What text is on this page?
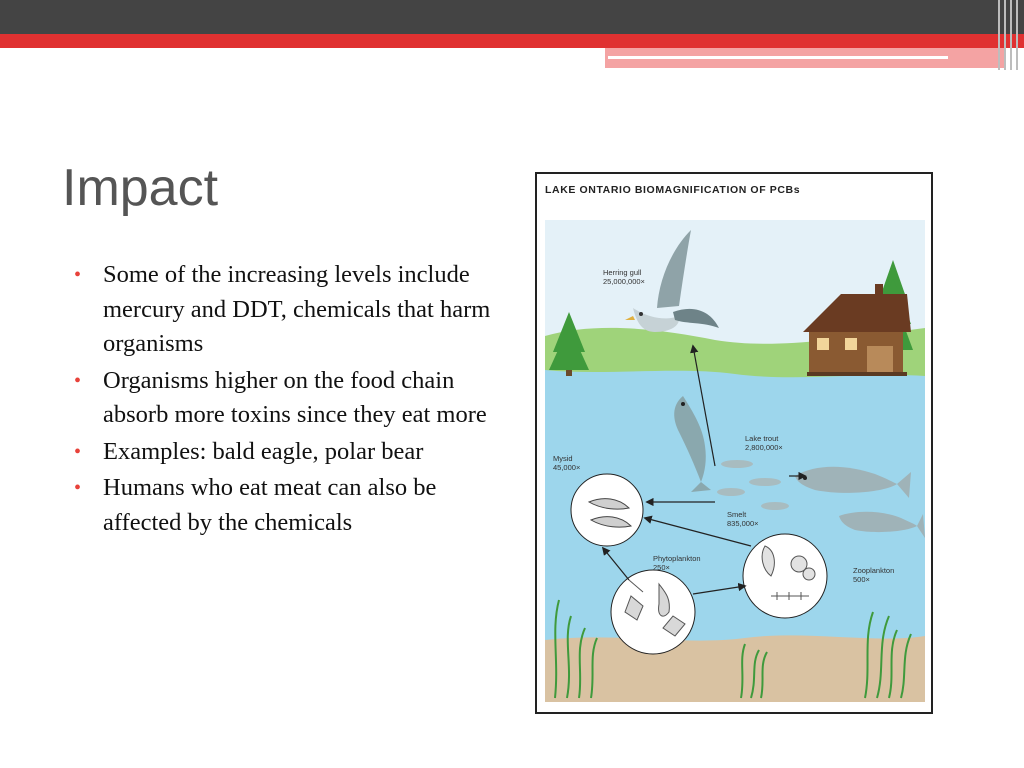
Impact
• Some of the increasing levels include mercury and DDT, chemicals that harm organisms
• Organisms higher on the food chain absorb more toxins since they eat more
• Examples: bald eagle, polar bear
• Humans who eat meat can also be affected by the chemicals
LAKE ONTARIO BIOMAGNIFICATION OF PCBs
Herring gull
25,000,000×
Lake trout
2,800,000×
Mysid
45,000×
Smelt
835,000×
Phytoplankton
250×	Zooplankton
500×
